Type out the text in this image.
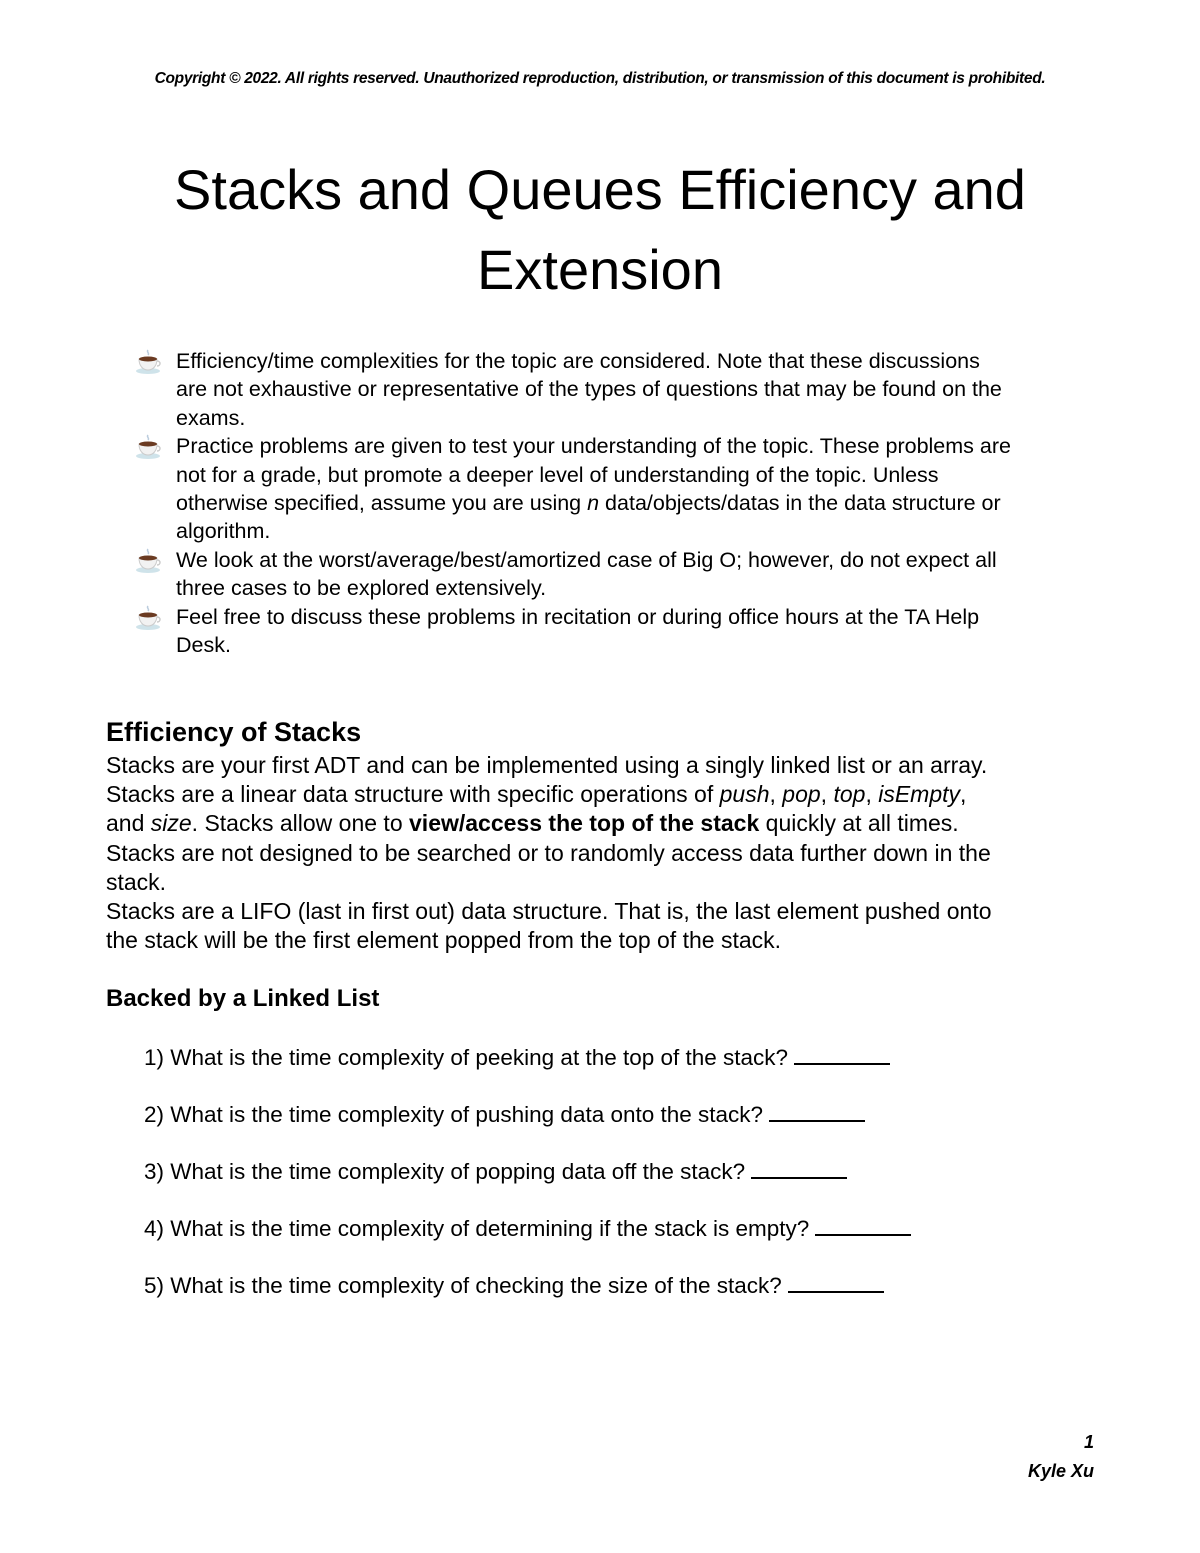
Copyright © 2022. All rights reserved. Unauthorized reproduction, distribution, or transmission of this document is prohibited.
Stacks and Queues Efficiency and
Extension
Efficiency/time complexities for the topic are considered. Note that these discussions
are not exhaustive or representative of the types of questions that may be found on the
exams.
Practice problems are given to test your understanding of the topic. These problems are
not for a grade, but promote a deeper level of understanding of the topic. Unless
otherwise specified, assume you are using n data/objects/datas in the data structure or
algorithm.
We look at the worst/average/best/amortized case of Big O; however, do not expect all
three cases to be explored extensively.
Feel free to discuss these problems in recitation or during office hours at the TA Help
Desk.
Efficiency of Stacks
Stacks are your first ADT and can be implemented using a singly linked list or an array.
Stacks are a linear data structure with specific operations of push, pop, top, isEmpty,
and size. Stacks allow one to view/access the top of the stack quickly at all times.
Stacks are not designed to be searched or to randomly access data further down in the
stack.
Stacks are a LIFO (last in first out) data structure. That is, the last element pushed onto
the stack will be the first element popped from the top of the stack.
Backed by a Linked List
1) What is the time complexity of peeking at the top of the stack?
2) What is the time complexity of pushing data onto the stack?
3) What is the time complexity of popping data off the stack?
4) What is the time complexity of determining if the stack is empty?
5) What is the time complexity of checking the size of the stack?
1
Kyle Xu
